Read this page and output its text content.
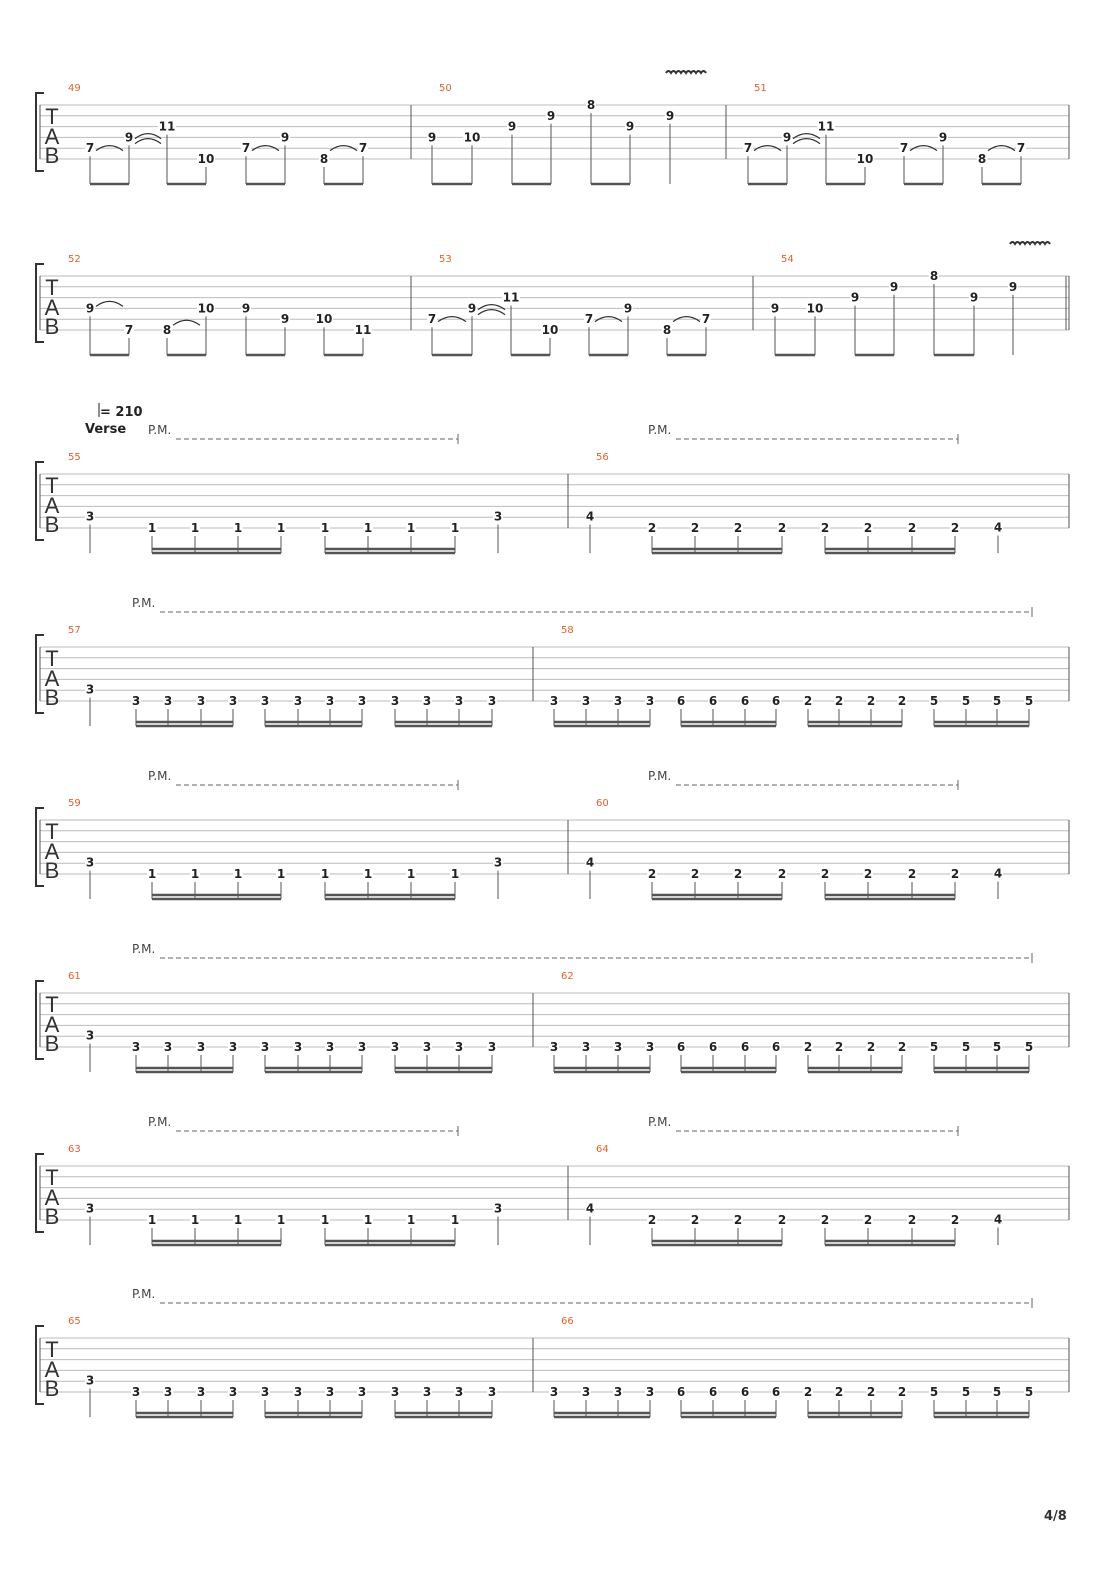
= 210
Verse
4/8
7
9
11
10
7
9
8
7
9 10
9
9
8
9
9
7
9
11
10
7
9
8
7
T
A
B
49	50	51
9
7 8
10 9
9 10
11
7
9
11
10
7
9
8
7
9 10
9
9
8
9
9
T
A
B
52	53	54
3
1	1	1	1	1	1	1	1
3	4
2	2	2	2	2	2	2	2	4
T
A
B
55	56
P.M.	P.M.
3
3 3 3 3 3 3 3 3 3 3 3 3	3 3 3 3 6 6 6 6 2 2 2 2 5 5 5 5
T
A
B
57	58
P.M.
3
1	1	1	1	1	1	1	1
3	4
2	2	2	2	2	2	2	2	4
T
A
B
59	60
P.M.	P.M.
3
3 3 3 3 3 3 3 3 3 3 3 3	3 3 3 3 6 6 6 6 2 2 2 2 5 5 5 5
T
A
B
61	62
P.M.
3
1	1	1	1	1	1	1	1
3	4
2	2	2	2	2	2	2	2	4
T
A
B
63	64
P.M.	P.M.
3
3 3 3 3 3 3 3 3 3 3 3 3	3 3 3 3 6 6 6 6 2 2 2 2 5 5 5 5
T
A
B
65	66
P.M.
